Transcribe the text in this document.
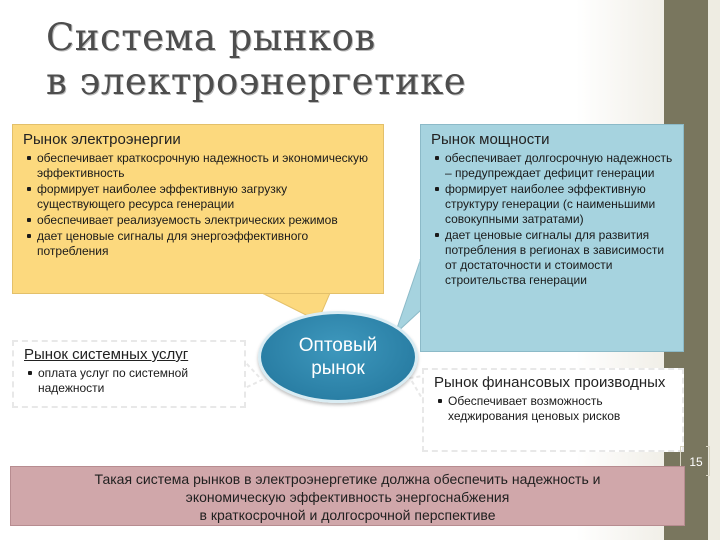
Система рынков
в электроэнергетике
Рынок электроэнергии
обеспечивает краткосрочную надежность и экономическую эффективность
формирует наиболее эффективную загрузку существующего ресурса генерации
обеспечивает реализуемость электрических режимов
дает ценовые сигналы для энергоэффективного потребления
Рынок мощности
обеспечивает долгосрочную надежность – предупреждает дефицит генерации
формирует наиболее эффективную структуру генерации (с наименьшими совокупными затратами)
дает ценовые сигналы для развития потребления в регионах в зависимости от достаточности и стоимости строительства генерации
Рынок системных услуг
оплата услуг по системной надежности	Рынок финансовых производных
Обеспечивает возможность хеджирования ценовых рисков
Оптовый рынок
15
Такая система рынков в электроэнергетике должна обеспечить надежность и
экономическую эффективность энергоснабжения
в краткосрочной и долгосрочной перспективе
